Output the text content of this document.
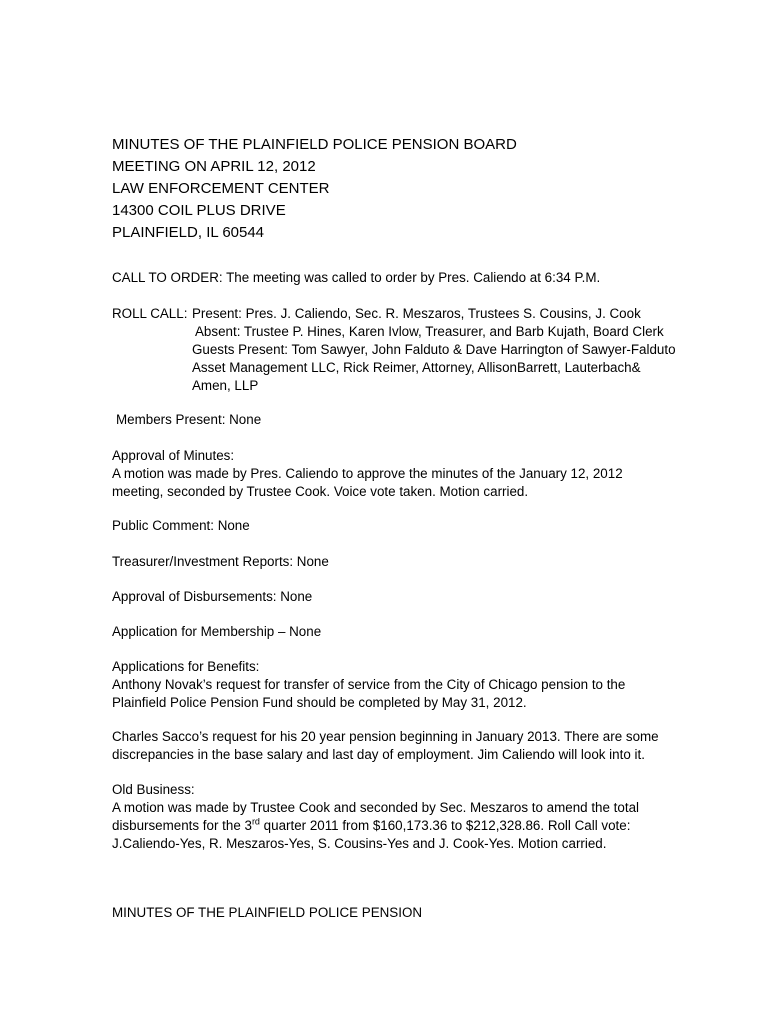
MINUTES OF THE PLAINFIELD POLICE PENSION BOARD
MEETING ON APRIL 12, 2012
LAW ENFORCEMENT CENTER
14300 COIL PLUS DRIVE
PLAINFIELD, IL 60544
CALL TO ORDER: The meeting was called to order by Pres. Caliendo at 6:34 P.M.
ROLL CALL: Present: Pres. J. Caliendo, Sec. R. Meszaros, Trustees S. Cousins, J. Cook
Absent: Trustee P. Hines, Karen Ivlow, Treasurer, and Barb Kujath, Board Clerk
Guests Present: Tom Sawyer, John Falduto & Dave Harrington of Sawyer-Falduto
Asset Management LLC, Rick Reimer, Attorney, AllisonBarrett, Lauterbach&
Amen, LLP
Members Present: None
Approval of Minutes:
A motion was made by Pres. Caliendo to approve the minutes of the January 12, 2012
meeting, seconded by Trustee Cook. Voice vote taken. Motion carried.
Public Comment: None
Treasurer/Investment Reports: None
Approval of Disbursements: None
Application for Membership – None
Applications for Benefits:
Anthony Novak’s request for transfer of service from the City of Chicago pension to the
Plainfield Police Pension Fund should be completed by May 31, 2012.
Charles Sacco’s request for his 20 year pension beginning in January 2013. There are some
discrepancies in the base salary and last day of employment. Jim Caliendo will look into it.
Old Business:
A motion was made by Trustee Cook and seconded by Sec. Meszaros to amend the total
disbursements for the 3rd quarter 2011 from $160,173.36 to $212,328.86. Roll Call vote:
J.Caliendo-Yes, R. Meszaros-Yes, S. Cousins-Yes and J. Cook-Yes. Motion carried.
MINUTES OF THE PLAINFIELD POLICE PENSION
